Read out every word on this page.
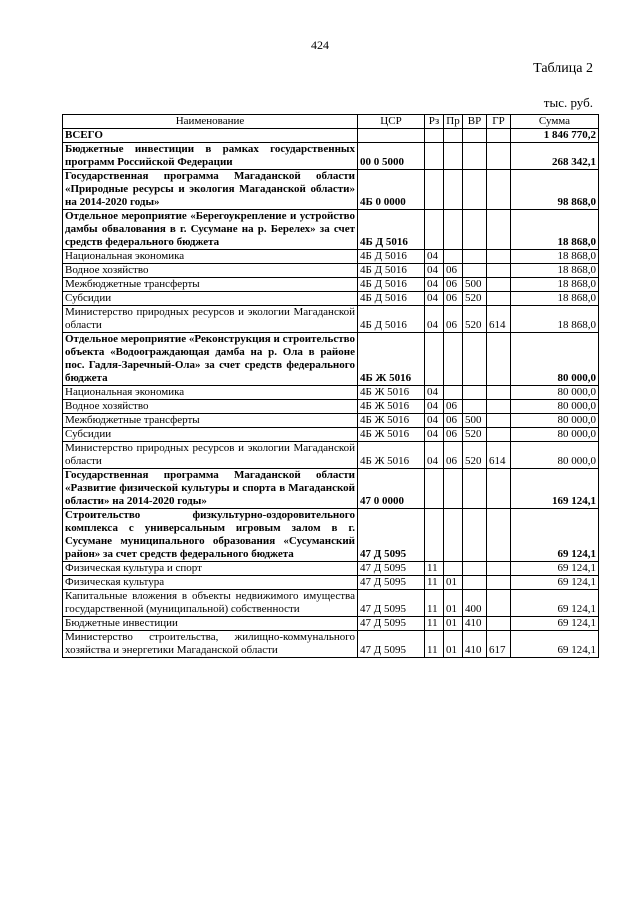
424
Таблица 2
тыс. руб.
Наименование	ЦСР	Рз	Пр	ВР	ГР	Сумма
ВСЕГО						1 846 770,2
Бюджетные инвестиции в рамках государственных программ Российской Федерации	00 0 5000					268 342,1
Государственная программа Магаданской области «Природные ресурсы и экология Магаданской области» на 2014-2020 годы»	4Б 0 0000					98 868,0
Отдельное мероприятие «Берегоукрепление и устройство дамбы обвалования в г. Сусумане на р. Берелех» за счет средств федерального бюджета	4Б Д 5016					18 868,0
Национальная экономика	4Б Д 5016	04				18 868,0
Водное хозяйство	4Б Д 5016	04	06			18 868,0
Межбюджетные трансферты	4Б Д 5016	04	06	500		18 868,0
Субсидии	4Б Д 5016	04	06	520		18 868,0
Министерство природных ресурсов и экологии Магаданской области	4Б Д 5016	04	06	520	614	18 868,0
Отдельное мероприятие «Реконструкция и строительство объекта «Водоограждающая дамба на р. Ола в районе пос. Гадля-Заречный-Ола» за счет средств федерального бюджета	4Б Ж 5016					80 000,0
Национальная экономика	4Б Ж 5016	04				80 000,0
Водное хозяйство	4Б Ж 5016	04	06			80 000,0
Межбюджетные трансферты	4Б Ж 5016	04	06	500		80 000,0
Субсидии	4Б Ж 5016	04	06	520		80 000,0
Министерство природных ресурсов и экологии Магаданской области	4Б Ж 5016	04	06	520	614	80 000,0
Государственная программа Магаданской области «Развитие физической культуры и спорта в Магаданской области» на 2014-2020 годы»	47 0 0000					169 124,1
Строительство физкультурно-оздоровительного комплекса с универсальным игровым залом в г. Сусумане муниципального образования «Сусуманский район» за счет средств федерального бюджета	47 Д 5095					69 124,1
Физическая культура и спорт	47 Д 5095	11				69 124,1
Физическая культура	47 Д 5095	11	01			69 124,1
Капитальные вложения в объекты недвижимого имущества государственной (муниципальной) собственности	47 Д 5095	11	01	400		69 124,1
Бюджетные инвестиции	47 Д 5095	11	01	410		69 124,1
Министерство строительства, жилищно-коммунального хозяйства и энергетики Магаданской области	47 Д 5095	11	01	410	617	69 124,1
